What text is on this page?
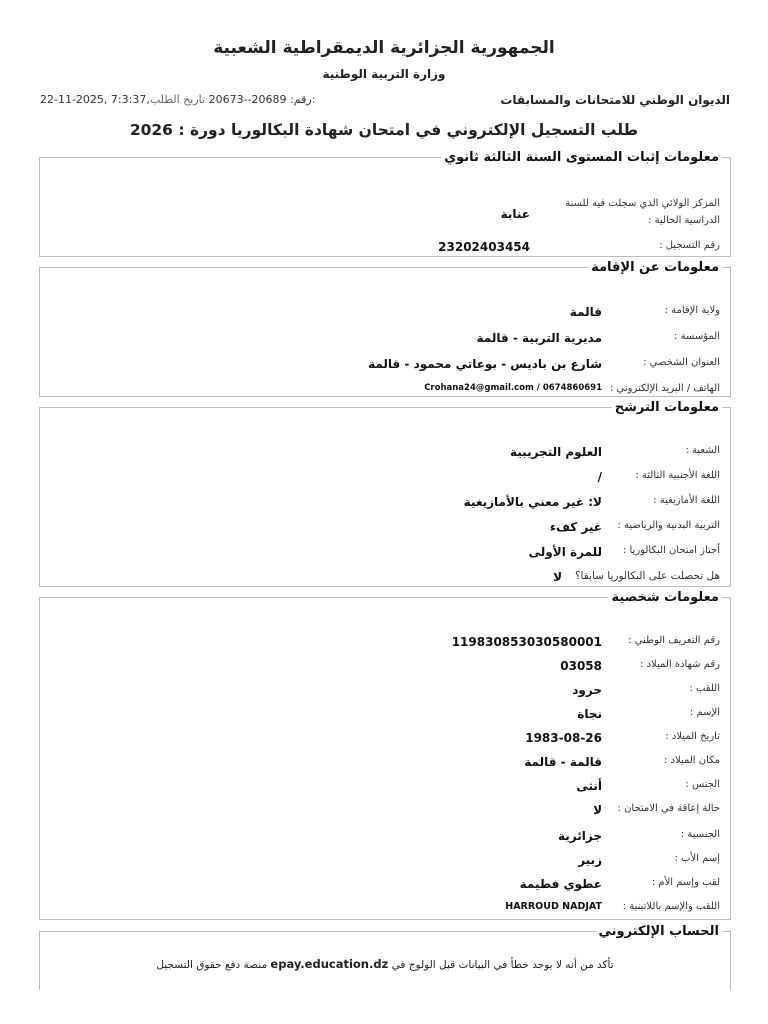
الجمهورية الجزائرية الديمقراطية الشعبية
وزارة التربية الوطنية
الديوان الوطني للامتحانات والمسابقات
22-11-2025, 7:3:37,رقم: 20689--20673 تاريخ الطلب:
طلب التسجيل الإلكتروني في امتحان شهادة البكالوريا دورة : 2026
معلومات إثبات المستوى السنة الثالثة ثانوي
المركز الولائي الذي سجلت فيه للسنة الدراسية الحالية :
عنابة
رقم التسجيل :
23202403454
معلومات عن الإقامة
ولاية الإقامة :
قالمة
المؤسسة :
مديرية التربية - قالمة
العنوان الشخصي :
شارع بن باديس - بوعاتي محمود - قالمة
الهاتف / البريد الإلكتروني :
Crohana24@gmail.com / 0674860691
معلومات الترشح
الشعبة :
العلوم التجريبية
اللغة الأجنبية الثالثة :
/
اللغة الأمازيغية :
لا: غير معني بالأمازيغية
التربية البدنية والرياضية :
غير كفء
أجتاز امتحان البكالوريا :
للمرة الأولى
هل تحصلت على البكالوريا سابقا؟
لا
معلومات شخصية
رقم التعريف الوطني :
119830853030580001
رقم شهادة الميلاد :
03058
اللقب :
حرود
الإسم :
نجاة
تاريخ الميلاد :
1983-08-26
مكان الميلاد :
قالمة - قالمة
الجنس :
أنثى
حالة إعاقة في الامتحان :
لا
الجنسية :
جزائرية
إسم الأب :
زبير
لقب وإسم الأم :
عطوي فطيمة
اللقب والإسم باللاتينية :
HARROUD NADJAT
الحساب الإلكتروني
تأكد من أنه لا يوجد خطأ في البيانات قبل الولوج في epay.education.dz منصة دفع حقوق التسجيل
